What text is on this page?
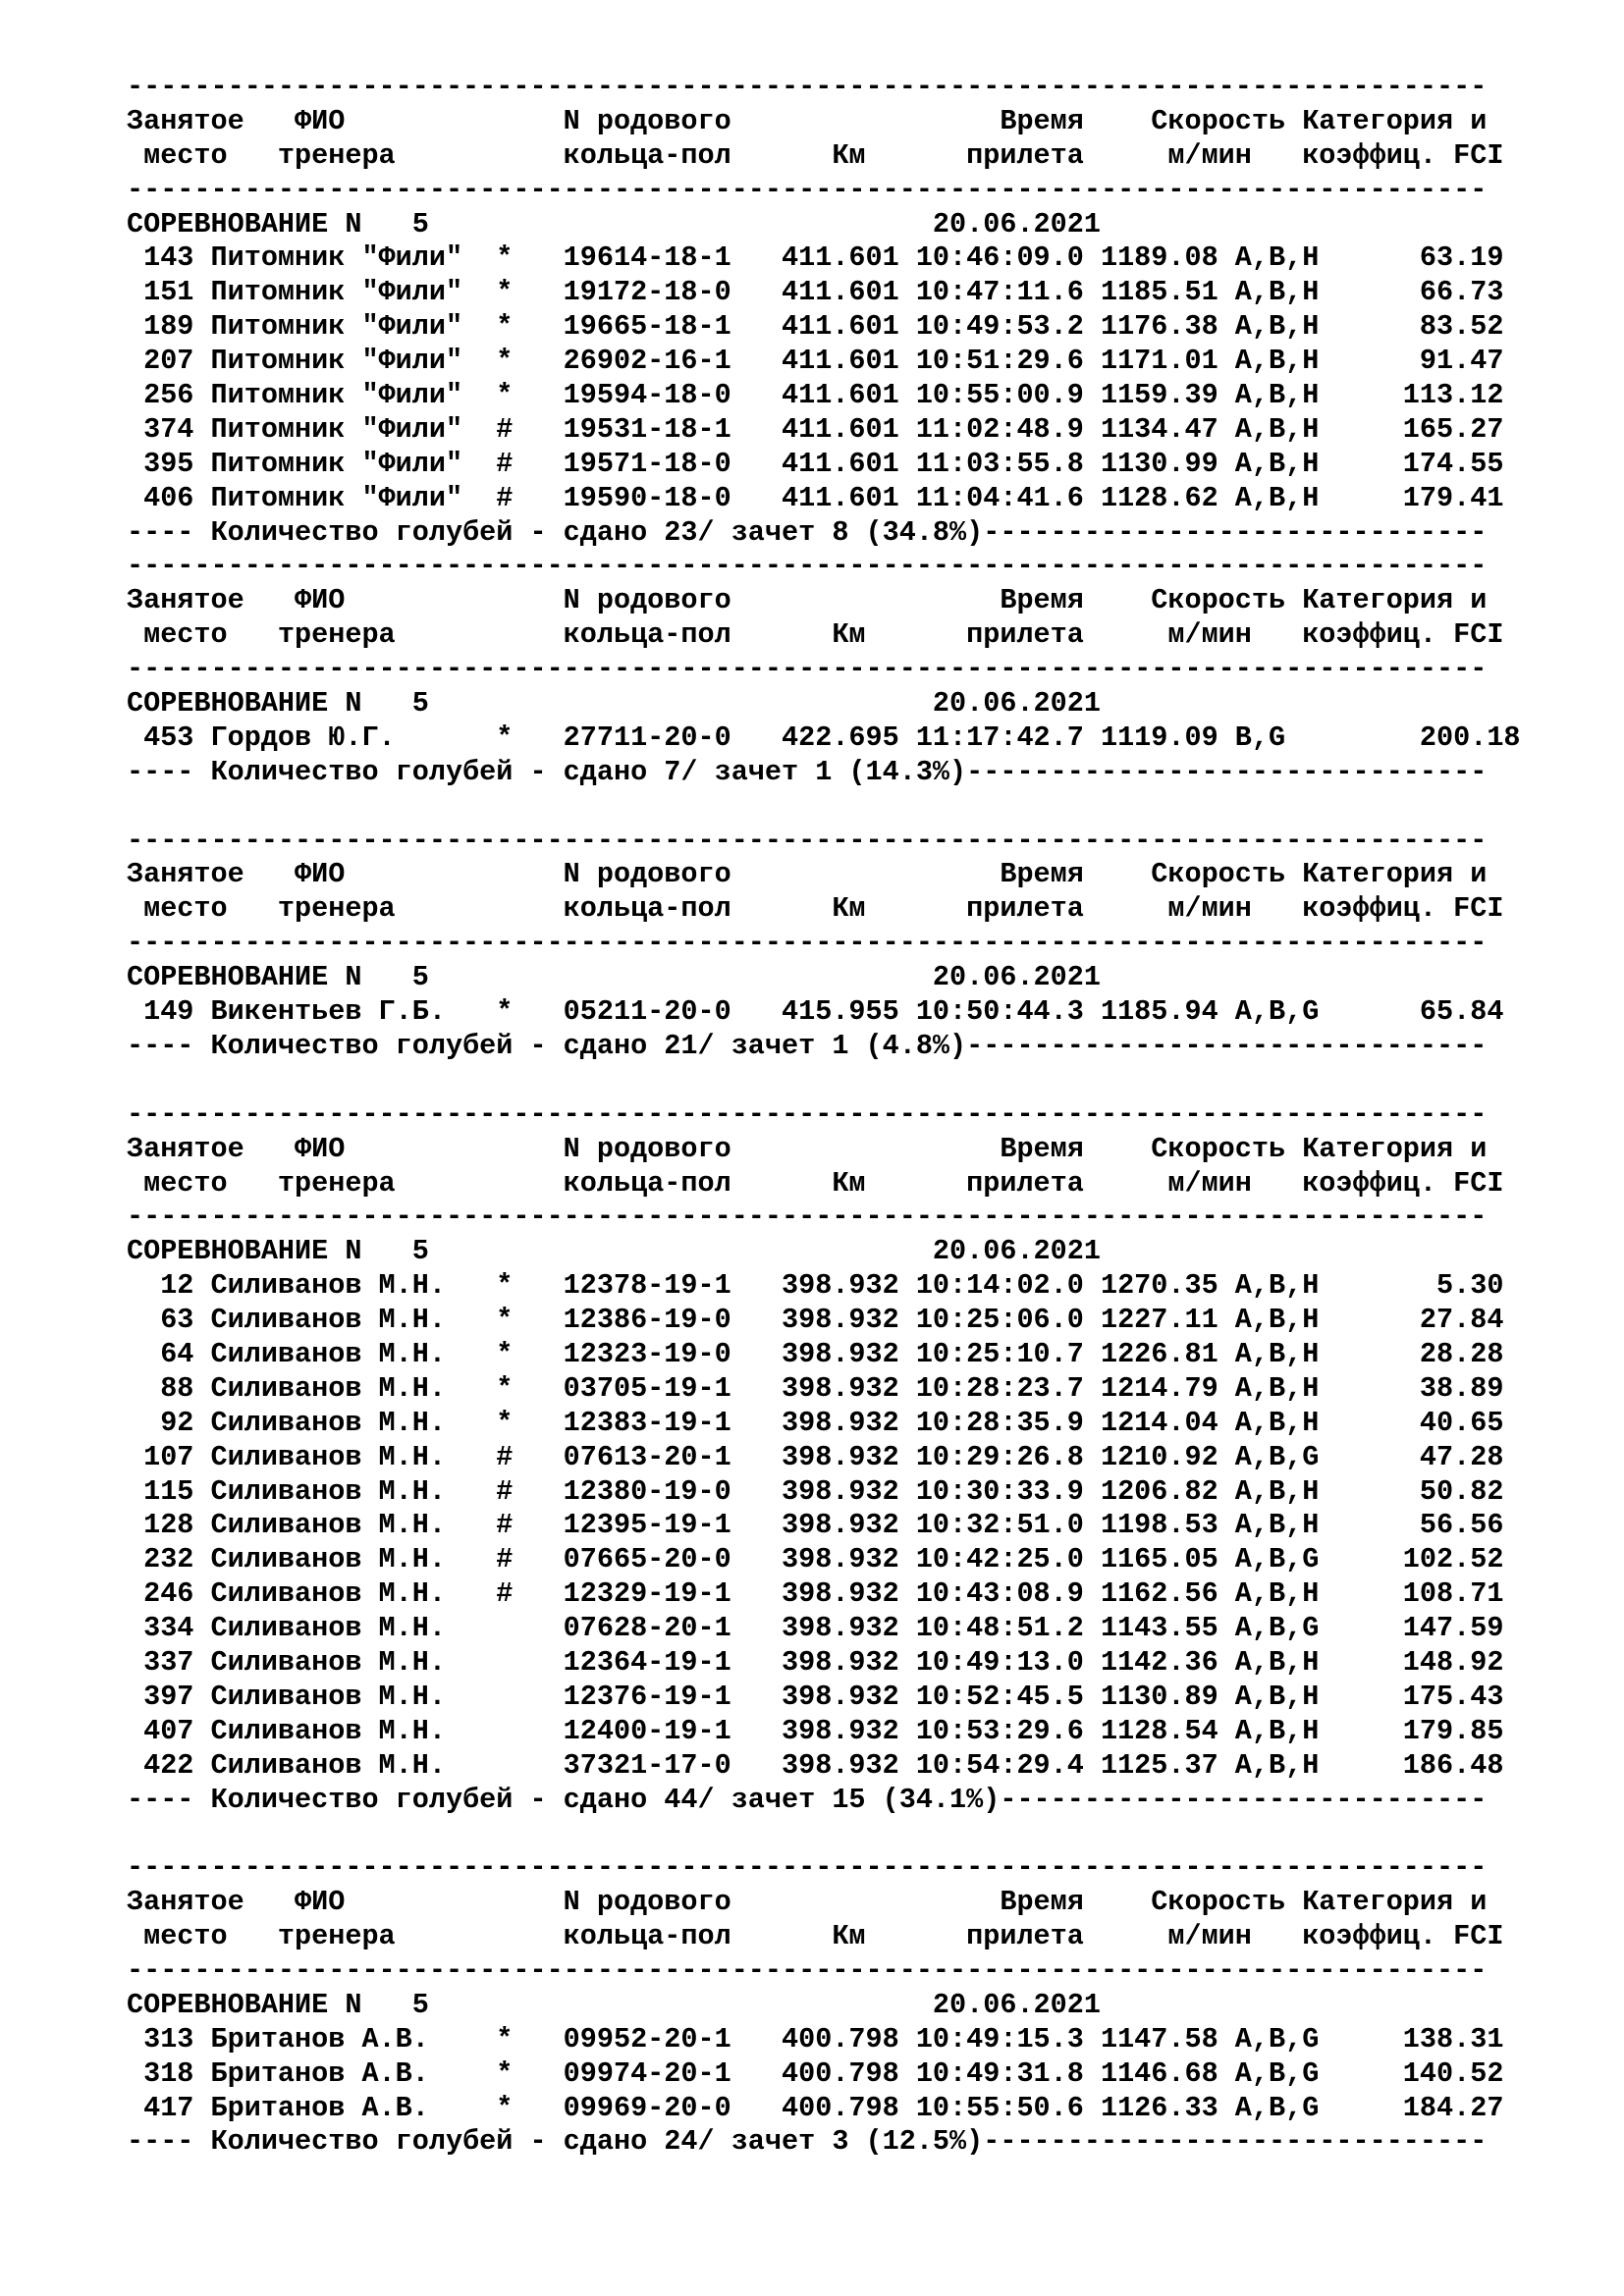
---------------------------------------------------------------------------------
Занятое   ФИО             N родового                Время    Скорость Категория и
место   тренера          кольца-пол      Км      прилета     м/мин   коэффиц. FCI
---------------------------------------------------------------------------------
СОРЕВНОВАНИЕ N   5                              20.06.2021
143 Питомник "Фили"  *   19614-18-1   411.601 10:46:09.0 1189.08 A,B,H      63.19
151 Питомник "Фили"  *   19172-18-0   411.601 10:47:11.6 1185.51 A,B,H      66.73
189 Питомник "Фили"  *   19665-18-1   411.601 10:49:53.2 1176.38 A,B,H      83.52
207 Питомник "Фили"  *   26902-16-1   411.601 10:51:29.6 1171.01 A,B,H      91.47
256 Питомник "Фили"  *   19594-18-0   411.601 10:55:00.9 1159.39 A,B,H     113.12
374 Питомник "Фили"  #   19531-18-1   411.601 11:02:48.9 1134.47 A,B,H     165.27
395 Питомник "Фили"  #   19571-18-0   411.601 11:03:55.8 1130.99 A,B,H     174.55
406 Питомник "Фили"  #   19590-18-0   411.601 11:04:41.6 1128.62 A,B,H     179.41
---- Количество голубей - сдано 23/ зачет 8 (34.8%)------------------------------
---------------------------------------------------------------------------------
Занятое   ФИО             N родового                Время    Скорость Категория и
место   тренера          кольца-пол      Км      прилета     м/мин   коэффиц. FCI
---------------------------------------------------------------------------------
СОРЕВНОВАНИЕ N   5                              20.06.2021
453 Гордов Ю.Г.      *   27711-20-0   422.695 11:17:42.7 1119.09 B,G        200.18
---- Количество голубей - сдано 7/ зачет 1 (14.3%)-------------------------------
---------------------------------------------------------------------------------
Занятое   ФИО             N родового                Время    Скорость Категория и
место   тренера          кольца-пол      Км      прилета     м/мин   коэффиц. FCI
---------------------------------------------------------------------------------
СОРЕВНОВАНИЕ N   5                              20.06.2021
149 Викентьев Г.Б.   *   05211-20-0   415.955 10:50:44.3 1185.94 A,B,G      65.84
---- Количество голубей - сдано 21/ зачет 1 (4.8%)-------------------------------
---------------------------------------------------------------------------------
Занятое   ФИО             N родового                Время    Скорость Категория и
место   тренера          кольца-пол      Км      прилета     м/мин   коэффиц. FCI
---------------------------------------------------------------------------------
СОРЕВНОВАНИЕ N   5                              20.06.2021
12 Силиванов М.Н.   *   12378-19-1   398.932 10:14:02.0 1270.35 A,B,H       5.30
63 Силиванов М.Н.   *   12386-19-0   398.932 10:25:06.0 1227.11 A,B,H      27.84
64 Силиванов М.Н.   *   12323-19-0   398.932 10:25:10.7 1226.81 A,B,H      28.28
88 Силиванов М.Н.   *   03705-19-1   398.932 10:28:23.7 1214.79 A,B,H      38.89
92 Силиванов М.Н.   *   12383-19-1   398.932 10:28:35.9 1214.04 A,B,H      40.65
107 Силиванов М.Н.   #   07613-20-1   398.932 10:29:26.8 1210.92 A,B,G      47.28
115 Силиванов М.Н.   #   12380-19-0   398.932 10:30:33.9 1206.82 A,B,H      50.82
128 Силиванов М.Н.   #   12395-19-1   398.932 10:32:51.0 1198.53 A,B,H      56.56
232 Силиванов М.Н.   #   07665-20-0   398.932 10:42:25.0 1165.05 A,B,G     102.52
246 Силиванов М.Н.   #   12329-19-1   398.932 10:43:08.9 1162.56 A,B,H     108.71
334 Силиванов М.Н.       07628-20-1   398.932 10:48:51.2 1143.55 A,B,G     147.59
337 Силиванов М.Н.       12364-19-1   398.932 10:49:13.0 1142.36 A,B,H     148.92
397 Силиванов М.Н.       12376-19-1   398.932 10:52:45.5 1130.89 A,B,H     175.43
407 Силиванов М.Н.       12400-19-1   398.932 10:53:29.6 1128.54 A,B,H     179.85
422 Силиванов М.Н.       37321-17-0   398.932 10:54:29.4 1125.37 A,B,H     186.48
---- Количество голубей - сдано 44/ зачет 15 (34.1%)-----------------------------
---------------------------------------------------------------------------------
Занятое   ФИО             N родового                Время    Скорость Категория и
место   тренера          кольца-пол      Км      прилета     м/мин   коэффиц. FCI
---------------------------------------------------------------------------------
СОРЕВНОВАНИЕ N   5                              20.06.2021
313 Британов А.В.    *   09952-20-1   400.798 10:49:15.3 1147.58 A,B,G     138.31
318 Британов А.В.    *   09974-20-1   400.798 10:49:31.8 1146.68 A,B,G     140.52
417 Британов А.В.    *   09969-20-0   400.798 10:55:50.6 1126.33 A,B,G     184.27
---- Количество голубей - сдано 24/ зачет 3 (12.5%)------------------------------
